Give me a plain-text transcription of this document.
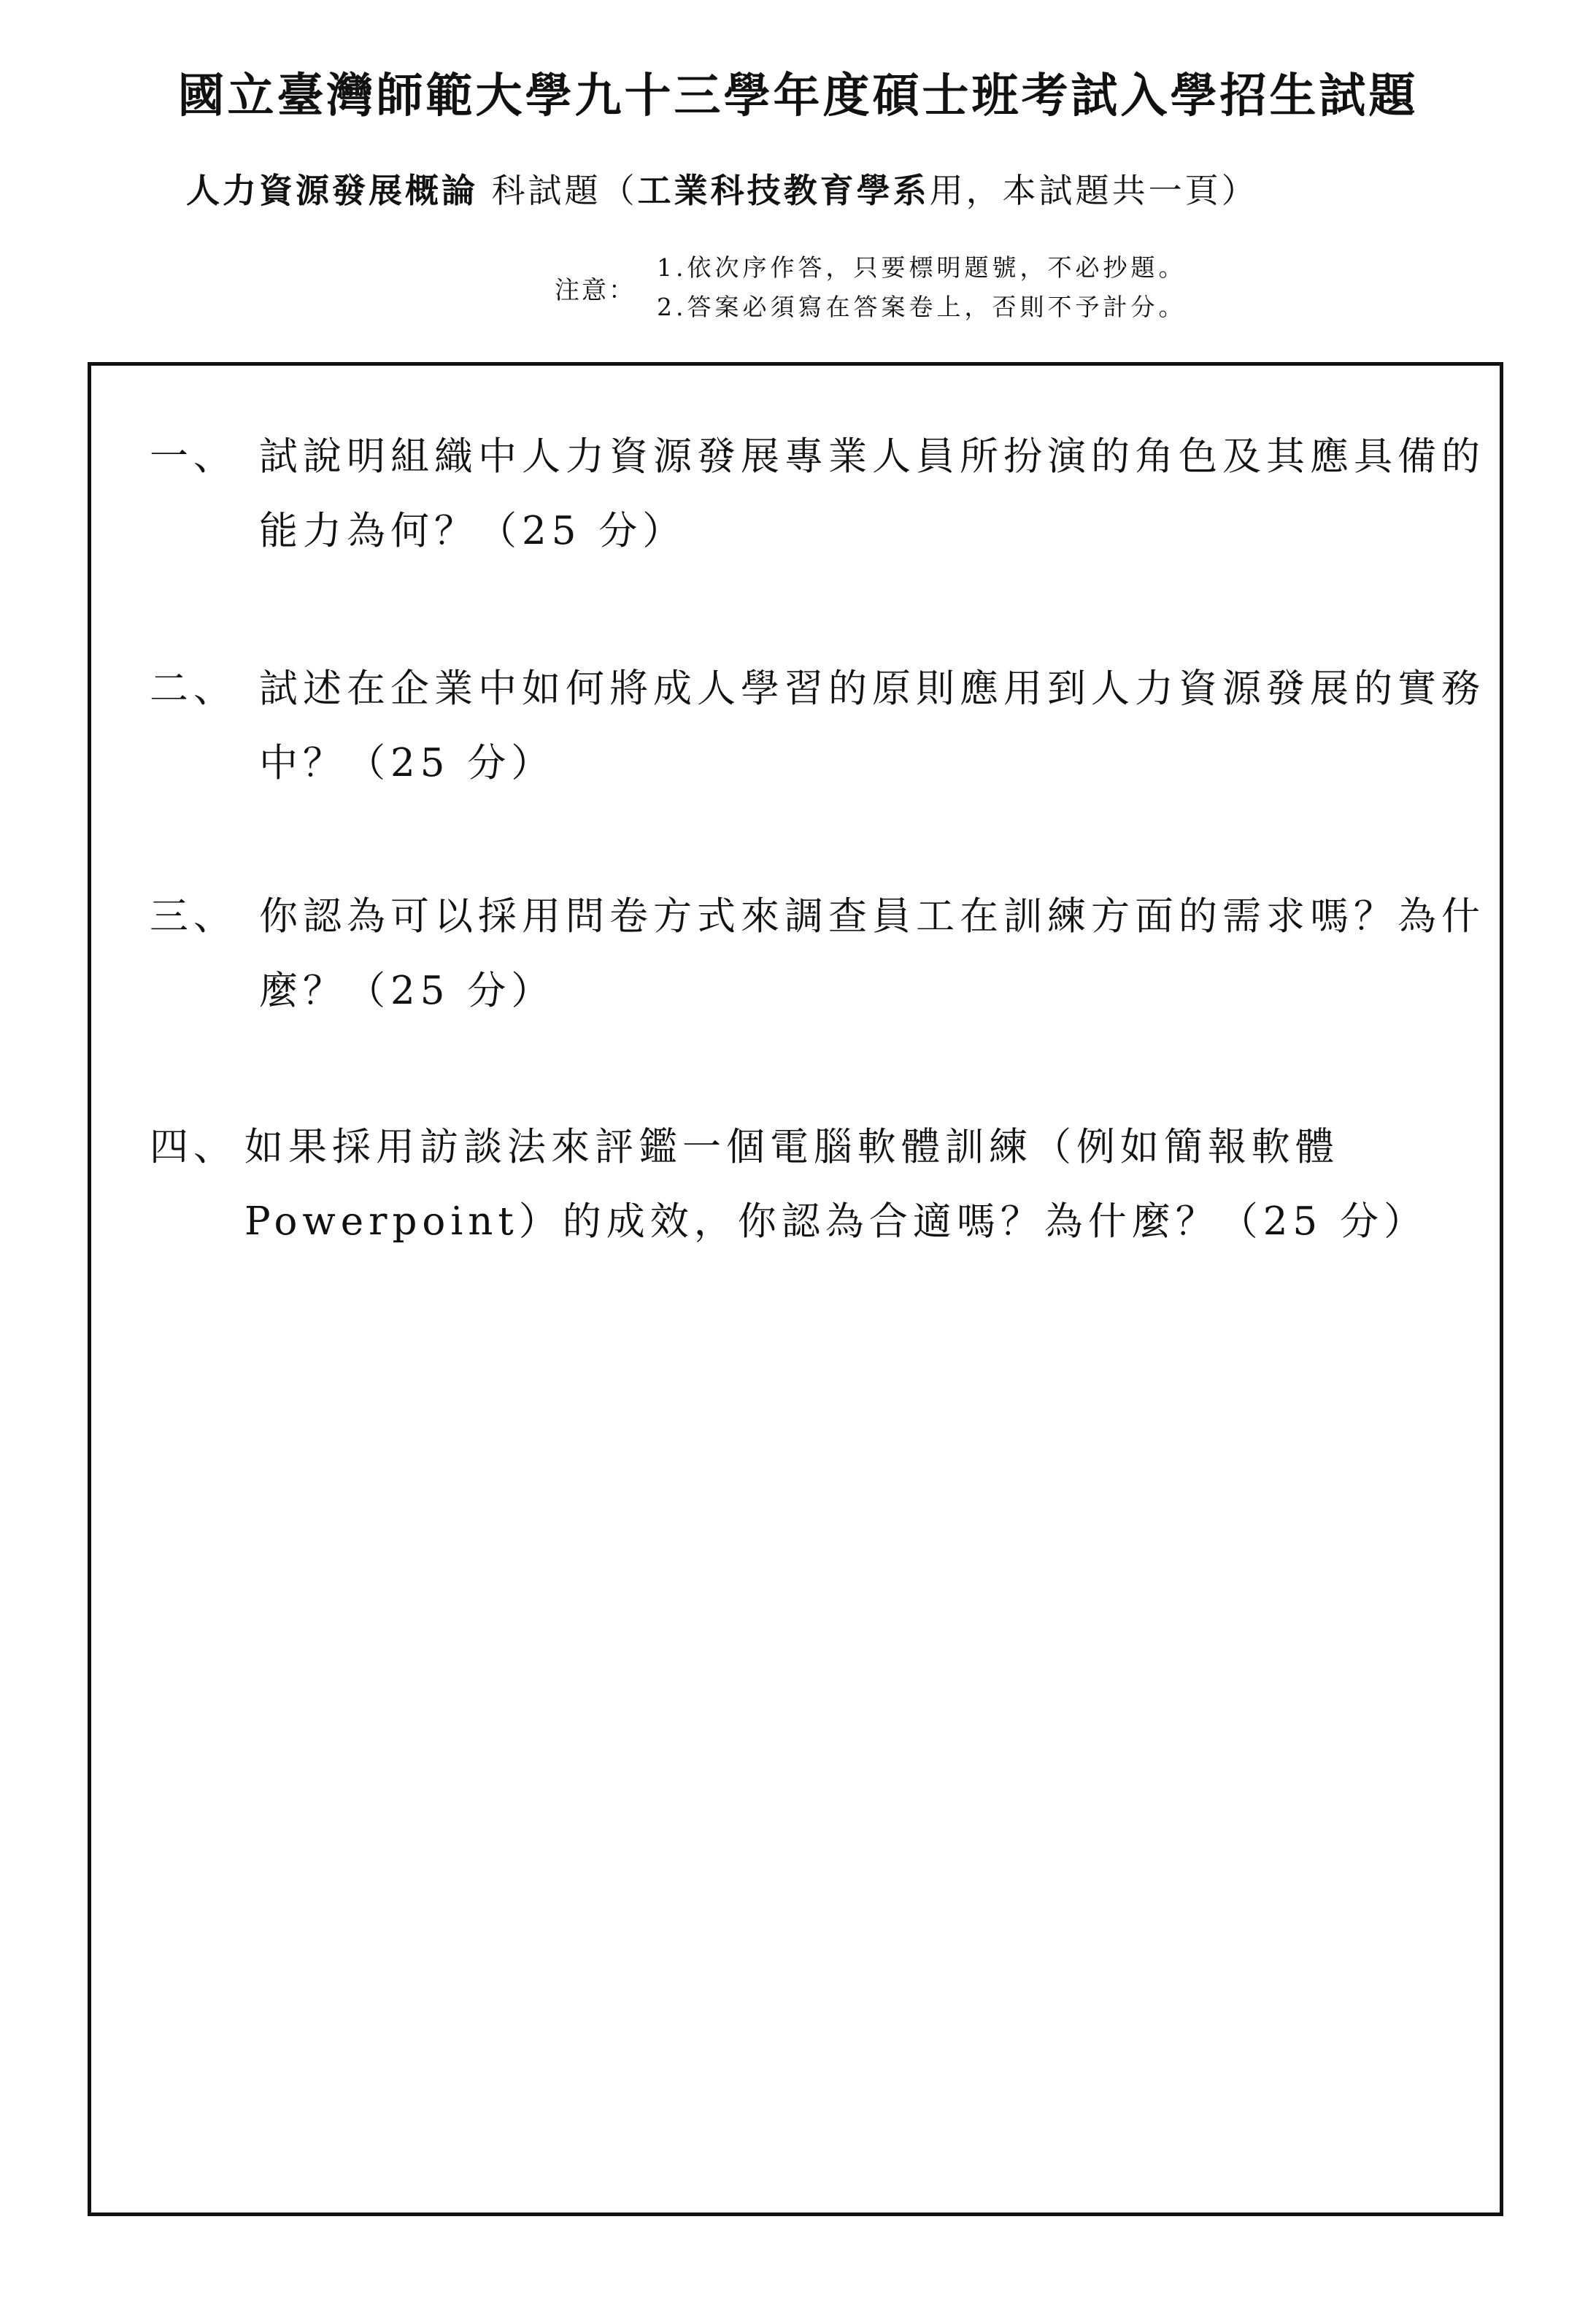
國立臺灣師範大學九十三學年度碩士班考試入學招生試題
人力資源發展概論 科試題（工業科技教育學系用，本試題共一頁）
注意：
1.依次序作答，只要標明題號，不必抄題。
2.答案必須寫在答案卷上，否則不予計分。
一、 試說明組織中人力資源發展專業人員所扮演的角色及其應具備的能力為何？（25 分）
二、 試述在企業中如何將成人學習的原則應用到人力資源發展的實務中？（25 分）
三、 你認為可以採用問卷方式來調查員工在訓練方面的需求嗎？為什麼？（25 分）
四、 如果採用訪談法來評鑑一個電腦軟體訓練（例如簡報軟體Powerpoint）的成效，你認為合適嗎？為什麼？（25 分）
